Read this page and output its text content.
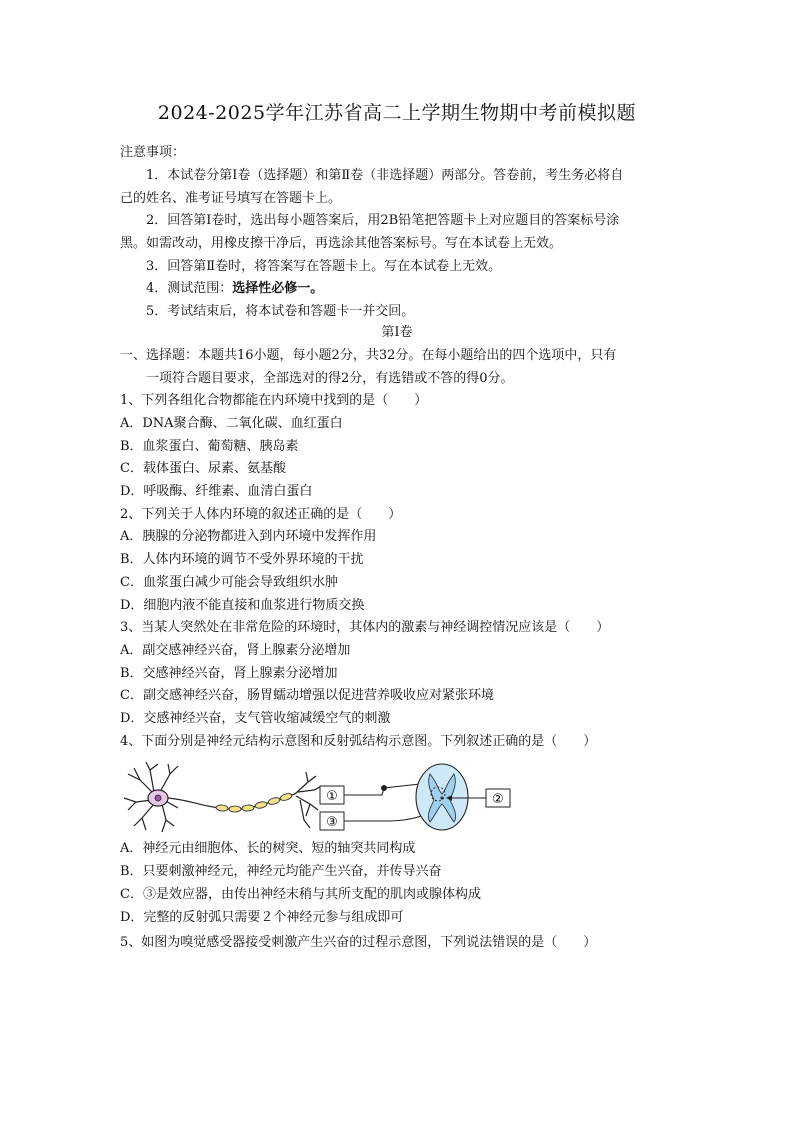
2024-2025学年江苏省高二上学期生物期中考前模拟题
注意事项：
1．本试卷分第Ⅰ卷（选择题）和第Ⅱ卷（非选择题）两部分。答卷前，考生务必将自
己的姓名、准考证号填写在答题卡上。
2．回答第Ⅰ卷时，选出每小题答案后，用2B铅笔把答题卡上对应题目的答案标号涂
黑。如需改动，用橡皮擦干净后，再选涂其他答案标号。写在本试卷上无效。
3．回答第Ⅱ卷时，将答案写在答题卡上。写在本试卷上无效。
4．测试范围：选择性必修一。
5．考试结束后，将本试卷和答题卡一并交回。
第Ⅰ卷
一、选择题：本题共16小题，每小题2分，共32分。在每小题给出的四个选项中，只有
一项符合题目要求，全部选对的得2分，有选错或不答的得0分。
1、下列各组化合物都能在内环境中找到的是（　　）
A．DNA聚合酶、二氧化碳、血红蛋白
B．血浆蛋白、葡萄糖、胰岛素
C．载体蛋白、尿素、氨基酸
D．呼吸酶、纤维素、血清白蛋白
2、下列关于人体内环境的叙述正确的是（　　）
A．胰腺的分泌物都进入到内环境中发挥作用
B．人体内环境的调节不受外界环境的干扰
C．血浆蛋白减少可能会导致组织水肿
D．细胞内液不能直接和血浆进行物质交换
3、当某人突然处在非常危险的环境时，其体内的激素与神经调控情况应该是（　　）
A．副交感神经兴奋，肾上腺素分泌增加
B．交感神经兴奋，肾上腺素分泌增加
C．副交感神经兴奋，肠胃蠕动增强以促进营养吸收应对紧张环境
D．交感神经兴奋，支气管收缩减缓空气的刺激
4、下面分别是神经元结构示意图和反射弧结构示意图。下列叙述正确的是（　　）
①
③
②
A．神经元由细胞体、长的树突、短的轴突共同构成
B．只要刺激神经元，神经元均能产生兴奋，并传导兴奋
C．③是效应器，由传出神经末稍与其所支配的肌肉或腺体构成
D．完整的反射弧只需要２个神经元参与组成即可
5、如图为嗅觉感受器接受刺激产生兴奋的过程示意图，下列说法错误的是（　　）
